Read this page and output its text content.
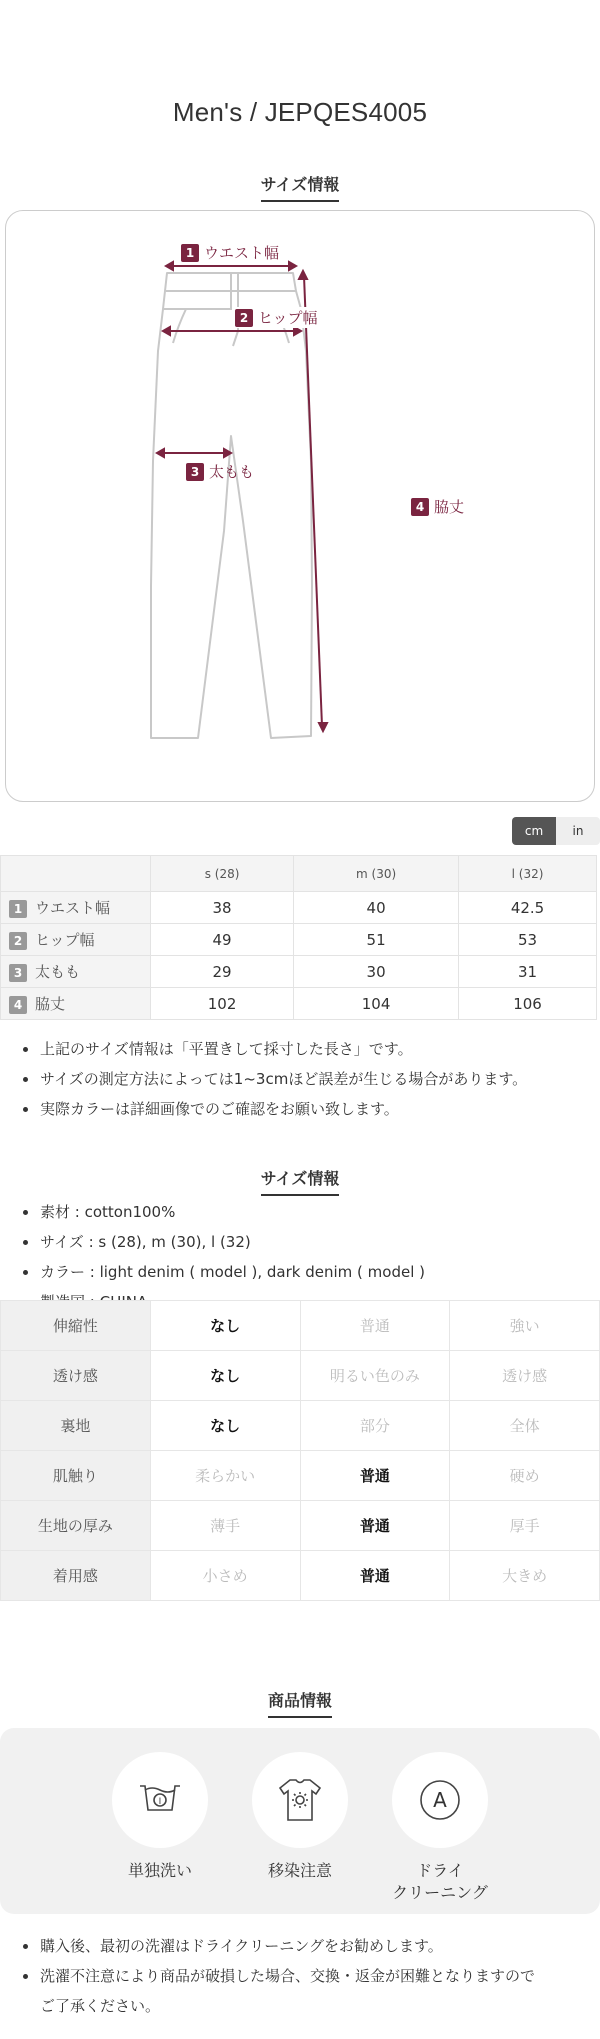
Men's / JEPQES4005
サイズ情報
1 ウエスト幅
2 ヒップ幅
3 太もも
4 脇丈
cm	in
	s (28)	m (30)	l (32)
1 ウエスト幅	38	40	42.5
2 ヒップ幅	49	51	53
3 太もも	29	30	31
4 脇丈	102	104	106
上記のサイズ情報は「平置きして採寸した長さ」です。
サイズの測定方法によっては1~3cmほど誤差が生じる場合があります。
実際カラーは詳細画像でのご確認をお願い致します。
サイズ情報
素材 : cotton100%
サイズ : s (28), m (30), l (32)
カラー : light denim ( model ), dark denim ( model )
伸縮性	なし	普通	強い
透け感	なし	明るい色のみ	透け感
裏地	なし	部分	全体
肌触り	柔らかい	普通	硬め
生地の厚み	薄手	普通	厚手
着用感	小さめ	普通	大きめ
商品情報
I
単独洗い	移染注意
A
ドライ
クリーニング
購入後、最初の洗濯はドライクリーニングをお勧めします。
洗濯不注意により商品が破損した場合、交換・返金が困難となりますので
ご了承ください。
